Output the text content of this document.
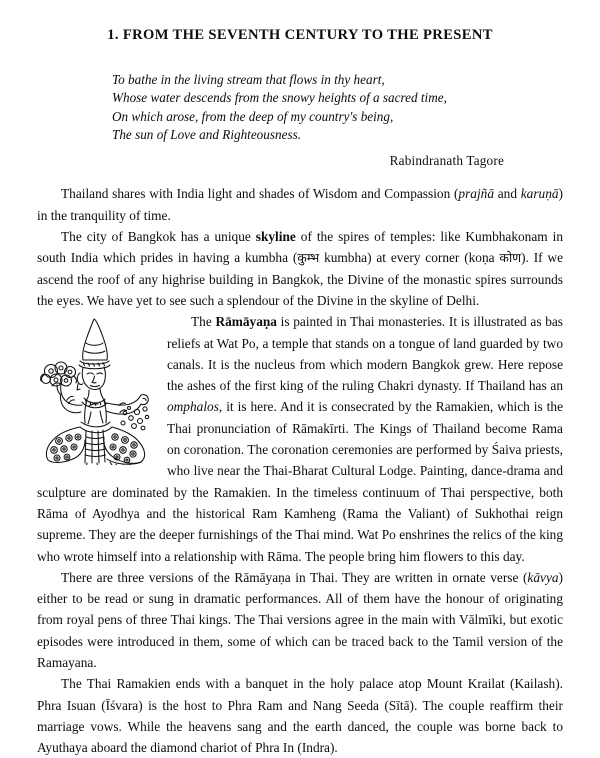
1. FROM THE SEVENTH CENTURY TO THE PRESENT
To bathe in the living stream that flows in thy heart,
Whose water descends from the snowy heights of a sacred time,
On which arose, from the deep of my country's being,
The sun of Love and Righteousness.
Rabindranath Tagore

Thailand shares with India light and shades of Wisdom and Compassion (prajñā and karuṇā) in the tranquility of time.

The city of Bangkok has a unique skyline of the spires of temples: like Kumbhakonam in south India which prides in having a kumbha (कुम्भ kumbha) at every corner (koṇa कोण). If we ascend the roof of any highrise building in Bangkok, the Divine of the monastic spires surrounds the eyes. We have yet to see such a splendour of the Divine in the skyline of Delhi.

The Rāmāyaṇa is painted in Thai monasteries. It is illustrated as bas reliefs at Wat Po, a temple that stands on a tongue of land guarded by two canals. It is the nucleus from which modern Bangkok grew. Here repose the ashes of the first king of the ruling Chakri dynasty. If Thailand has an omphalos, it is here. And it is consecrated by the Ramakien, which is the Thai pronunciation of Rāmakīrti. The Kings of Thailand become Rama on coronation. The coronation ceremonies are performed by Śaiva priests, who live near the Thai-Bharat Cultural Lodge. Painting, dance-drama and sculpture are dominated by the Ramakien. In the timeless continuum of Thai perspective, both Rāma of Ayodhya and the historical Ram Kamheng (Rama the Valiant) of Sukhothai reign supreme. They are the deeper furnishings of the Thai mind. Wat Po enshrines the relics of the king who wrote himself into a relationship with Rāma. The people bring him flowers to this day.

There are three versions of the Rāmāyaṇa in Thai. They are written in ornate verse (kāvya) either to be read or sung in dramatic performances. All of them have the honour of originating from royal pens of three Thai kings. The Thai versions agree in the main with Vālmīki, but exotic episodes were introduced in them, some of which can be traced back to the Tamil version of the Ramayana.

The Thai Ramakien ends with a banquet in the holy palace atop Mount Krailat (Kailash). Phra Isuan (Īśvara) is the host to Phra Ram and Nang Seeda (Sītā). The couple reaffirm their marriage vows. While the heavens sang and the earth danced, the couple was borne back to Ayuthaya aboard the diamond chariot of Phra In (Indra).
